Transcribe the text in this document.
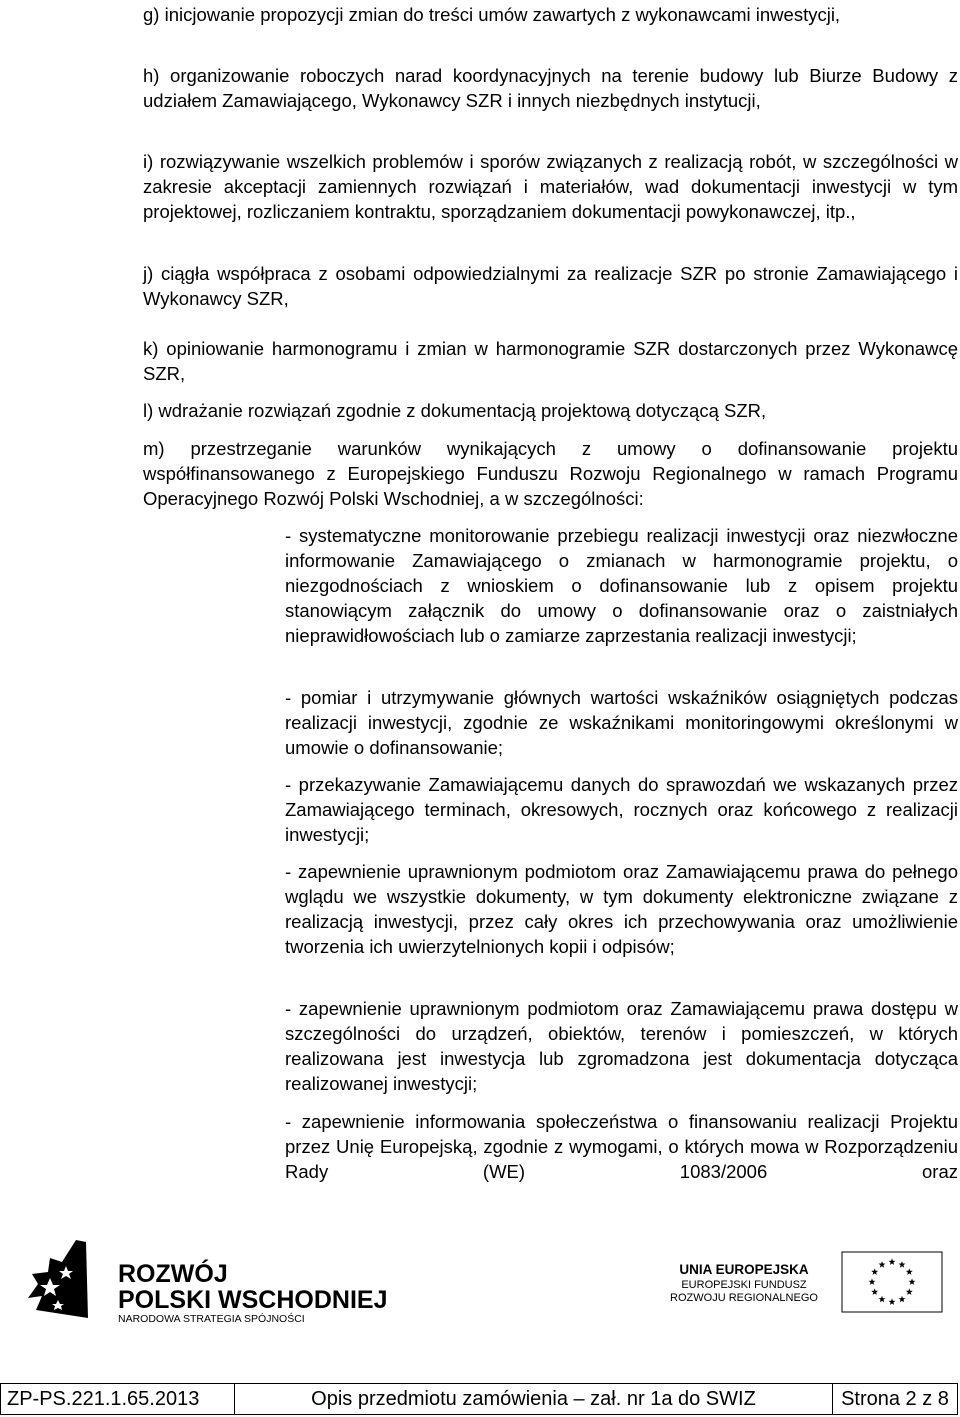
g) inicjowanie propozycji zmian do treści umów zawartych z wykonawcami inwestycji,

h) organizowanie roboczych narad koordynacyjnych na terenie budowy lub Biurze Budowy z udziałem Zamawiającego, Wykonawcy SZR i innych niezbędnych instytucji,

i) rozwiązywanie wszelkich problemów i sporów związanych z realizacją robót, w szczególności w zakresie akceptacji zamiennych rozwiązań i materiałów, wad dokumentacji inwestycji w tym projektowej, rozliczaniem kontraktu, sporządzaniem dokumentacji powykonawczej, itp.,

j) ciągła współpraca z osobami odpowiedzialnymi za realizacje SZR po stronie Zamawiającego i Wykonawcy SZR,

k) opiniowanie harmonogramu i zmian w harmonogramie SZR dostarczonych przez Wykonawcę SZR,

l) wdrażanie rozwiązań zgodnie z dokumentacją projektową dotyczącą SZR,

m) przestrzeganie warunków wynikających z umowy o dofinansowanie projektu współfinansowanego z Europejskiego Funduszu Rozwoju Regionalnego w ramach Programu Operacyjnego Rozwój Polski Wschodniej, a w szczególności:

- systematyczne monitorowanie przebiegu realizacji inwestycji oraz niezwłoczne informowanie Zamawiającego o zmianach w harmonogramie projektu, o niezgodnościach z wnioskiem o dofinansowanie lub z opisem projektu stanowiącym załącznik do umowy o dofinansowanie oraz o zaistniałych nieprawidłowościach lub o zamiarze zaprzestania realizacji inwestycji;

- pomiar i utrzymywanie głównych wartości wskaźników osiągniętych podczas realizacji inwestycji, zgodnie ze wskaźnikami monitoringowymi określonymi w umowie o dofinansowanie;

- przekazywanie Zamawiającemu danych do sprawozdań we wskazanych przez Zamawiającego terminach, okresowych, rocznych oraz końcowego z realizacji inwestycji;

- zapewnienie uprawnionym podmiotom oraz Zamawiającemu prawa do pełnego wglądu we wszystkie dokumenty, w tym dokumenty elektroniczne związane z realizacją inwestycji, przez cały okres ich przechowywania oraz umożliwienie tworzenia ich uwierzytelnionych kopii i odpisów;

- zapewnienie uprawnionym podmiotom oraz Zamawiającemu prawa dostępu w szczególności do urządzeń, obiektów, terenów i pomieszczeń, w których realizowana jest inwestycja lub zgromadzona jest dokumentacja dotycząca realizowanej inwestycji;

- zapewnienie informowania społeczeństwa o finansowaniu realizacji Projektu przez Unię Europejską, zgodnie z wymogami, o których mowa w Rozporządzeniu Rady (WE) 1083/2006 oraz

ROZWÓJ
POLSKI WSCHODNIEJ
NARODOWA STRATEGIA SPÓJNOŚCI
UNIA EUROPEJSKA
EUROPEJSKI FUNDUSZ
ROZWOJU REGIONALNEGO
ZP-PS.221.1.65.2013	Opis przedmiotu zamówienia – zał. nr 1a do SWIZ	Strona 2 z 8
